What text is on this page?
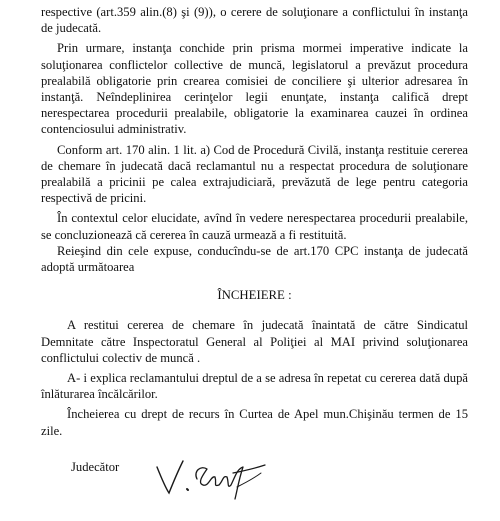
respective (art.359 alin.(8) şi (9)), o cerere de soluţionare a conflictului în instanţa de judecată.

Prin urmare, instanţa conchide prin prisma mormei imperative indicate la soluţionarea conflictelor collective de muncă, legislatorul a prevăzut procedura prealabilă obligatorie prin crearea comisiei de conciliere şi ulterior adresarea în instanţă. Neîndeplinirea cerinţelor legii enunţate, instanţa califică drept nerespectarea procedurii prealabile, obligatorie la examinarea cauzei în ordinea contenciosului administrativ.

Conform art. 170 alin. 1 lit. a) Cod de Procedură Civilă, instanţa restituie cererea de chemare în judecată dacă reclamantul nu a respectat procedura de soluţionare prealabilă a pricinii pe calea extrajudiciară, prevăzută de lege pentru categoria respectivă de pricini.

În contextul celor elucidate, avînd în vedere nerespectarea procedurii prealabile, se concluzionează că cererea în cauză urmează a fi restituită.

Reieşind din cele expuse, conducîndu-se de art.170 CPC instanţa de judecată adoptă următoarea

ÎNCHEIERE :

A restitui cererea de chemare în judecată înaintată de către Sindicatul Demnitate către Inspectoratul General al Poliţiei al MAI privind soluţionarea conflictului colectiv de muncă .

A- i explica reclamantului dreptul de a se adresa în repetat cu cererea dată după înlăturarea încălcărilor.

Încheierea cu drept de recurs în Curtea de Apel mun.Chişinău termen de 15 zile.

Judecător
